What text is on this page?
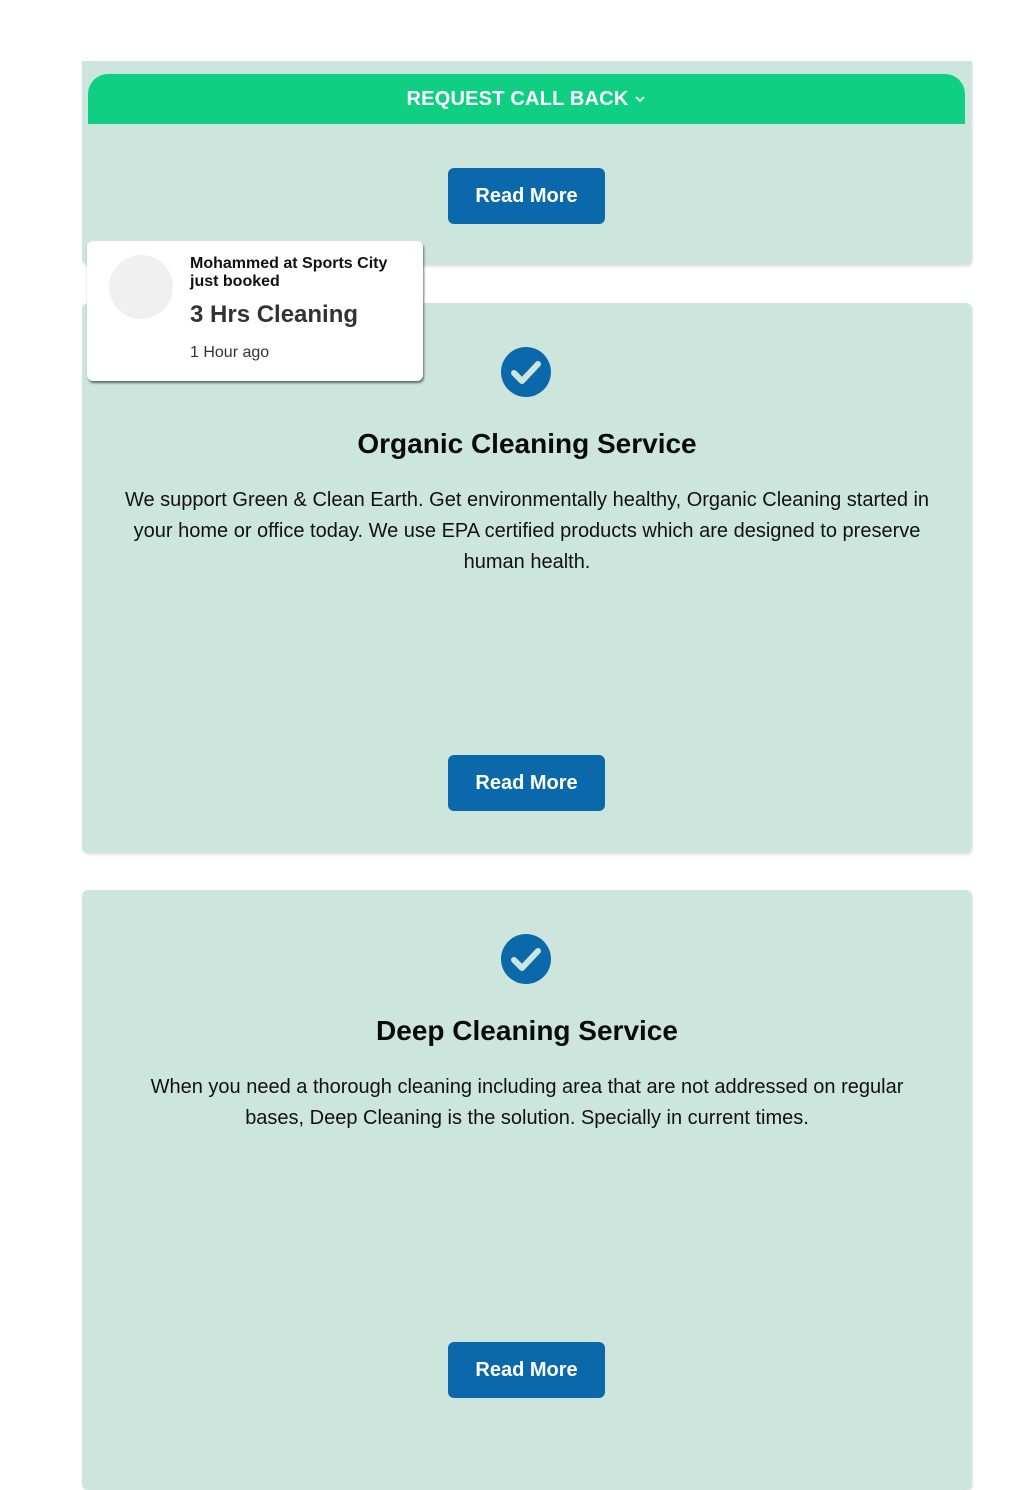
REQUEST CALL BACK
Read More
Mohammed at Sports City just booked
3 Hrs Cleaning
1 Hour ago
Organic Cleaning Service

We support Green & Clean Earth. Get environmentally healthy, Organic Cleaning started in your home or office today. We use EPA certified products which are designed to preserve human health.

Read More
Deep Cleaning Service

When you need a thorough cleaning including area that are not addressed on regular bases, Deep Cleaning is the solution. Specially in current times.

Read More
